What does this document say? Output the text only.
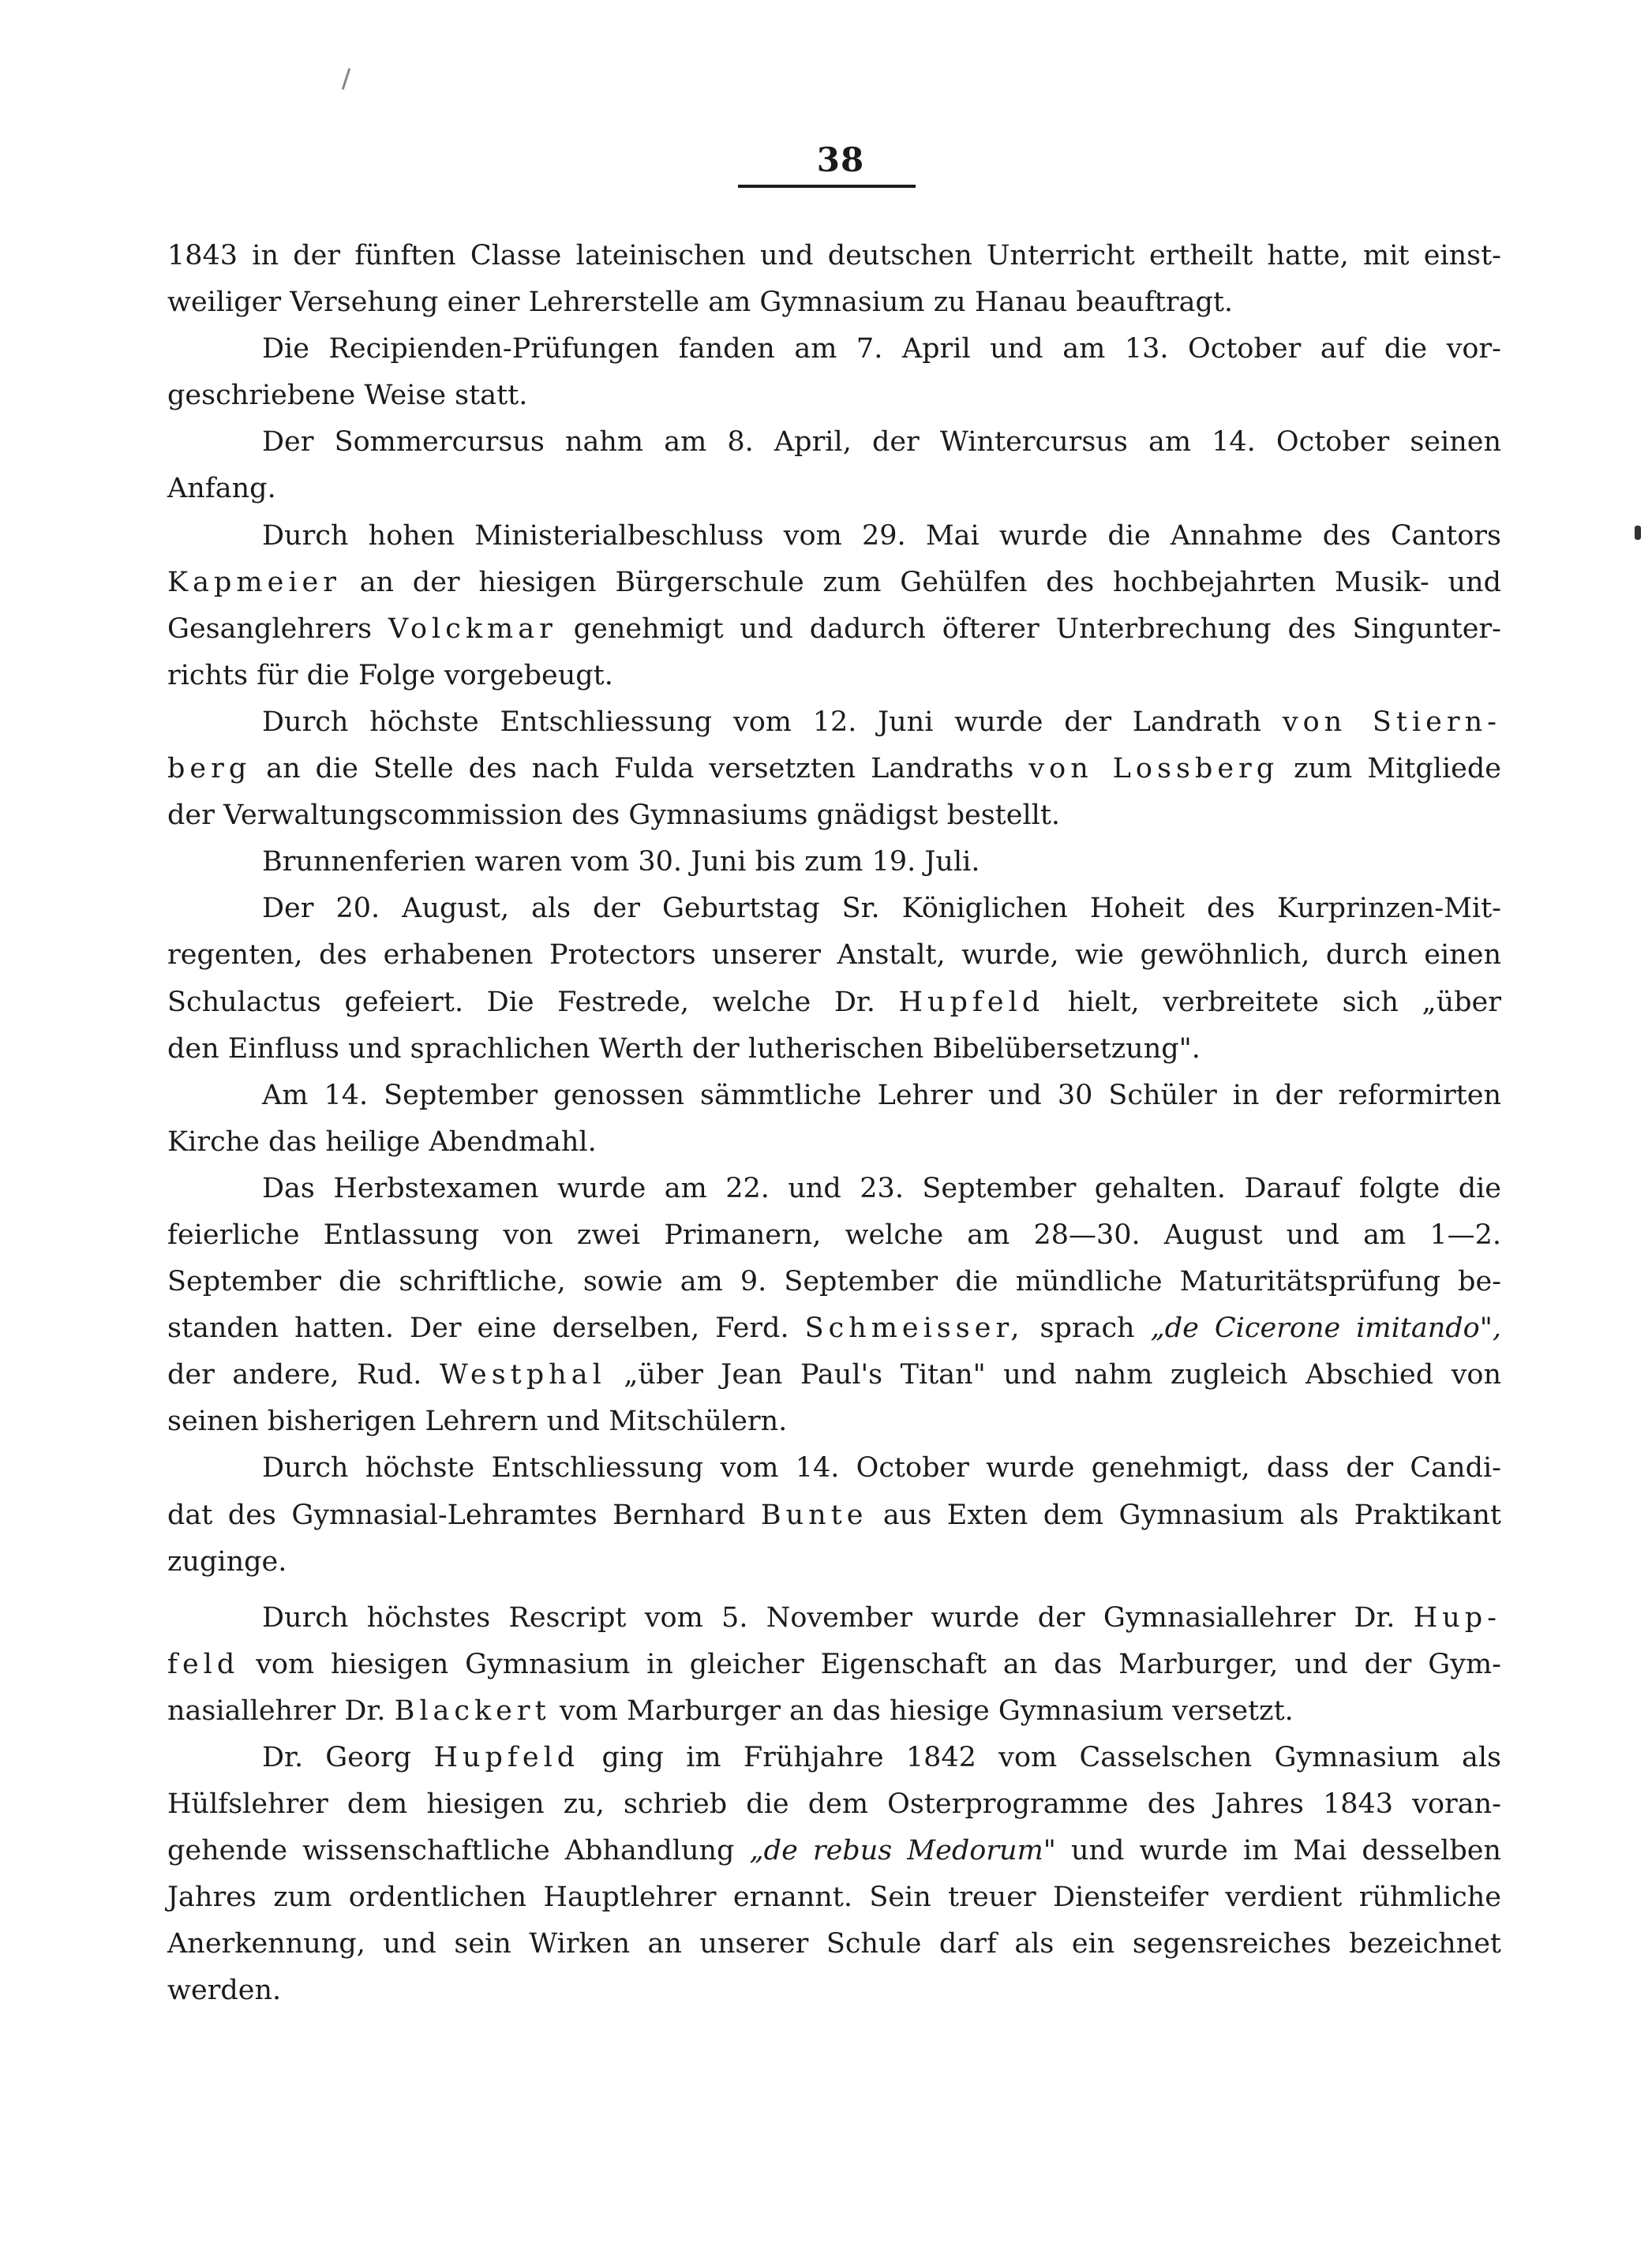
38

1843 in der fünften Classe lateinischen und deutschen Unterricht ertheilt hatte, mit einst-
weiliger Versehung einer Lehrerstelle am Gymnasium zu Hanau beauftragt.

Die Recipienden-Prüfungen fanden am 7. April und am 13. October auf die vor-
geschriebene Weise statt.

Der Sommercursus nahm am 8. April, der Wintercursus am 14. October seinen
Anfang.

Durch hohen Ministerialbeschluss vom 29. Mai wurde die Annahme des Cantors
Kapmeier an der hiesigen Bürgerschule zum Gehülfen des hochbejahrten Musik- und
Gesanglehrers Volckmar genehmigt und dadurch öfterer Unterbrechung des Singunter-
richts für die Folge vorgebeugt.

Durch höchste Entschliessung vom 12. Juni wurde der Landrath von Stiern-
berg an die Stelle des nach Fulda versetzten Landraths von Lossberg zum Mitgliede
der Verwaltungscommission des Gymnasiums gnädigst bestellt.

Brunnenferien waren vom 30. Juni bis zum 19. Juli.

Der 20. August, als der Geburtstag Sr. Königlichen Hoheit des Kurprinzen-Mit-
regenten, des erhabenen Protectors unserer Anstalt, wurde, wie gewöhnlich, durch einen
Schulactus gefeiert. Die Festrede, welche Dr. Hupfeld hielt, verbreitete sich „über
den Einfluss und sprachlichen Werth der lutherischen Bibelübersetzung".

Am 14. September genossen sämmtliche Lehrer und 30 Schüler in der reformirten
Kirche das heilige Abendmahl.

Das Herbstexamen wurde am 22. und 23. September gehalten. Darauf folgte die
feierliche Entlassung von zwei Primanern, welche am 28—30. August und am 1—2.
September die schriftliche, sowie am 9. September die mündliche Maturitätsprüfung be-
standen hatten. Der eine derselben, Ferd. Schmeisser, sprach „de Cicerone imitando",
der andere, Rud. Westphal „über Jean Paul's Titan" und nahm zugleich Abschied von
seinen bisherigen Lehrern und Mitschülern.

Durch höchste Entschliessung vom 14. October wurde genehmigt, dass der Candi-
dat des Gymnasial-Lehramtes Bernhard Bunte aus Exten dem Gymnasium als Praktikant
zuginge.

Durch höchstes Rescript vom 5. November wurde der Gymnasiallehrer Dr. Hup-
feld vom hiesigen Gymnasium in gleicher Eigenschaft an das Marburger, und der Gym-
nasiallehrer Dr. Blackert vom Marburger an das hiesige Gymnasium versetzt.

Dr. Georg Hupfeld ging im Frühjahre 1842 vom Casselschen Gymnasium als
Hülfslehrer dem hiesigen zu, schrieb die dem Osterprogramme des Jahres 1843 voran-
gehende wissenschaftliche Abhandlung „de rebus Medorum" und wurde im Mai desselben
Jahres zum ordentlichen Hauptlehrer ernannt. Sein treuer Diensteifer verdient rühmliche
Anerkennung, und sein Wirken an unserer Schule darf als ein segensreiches bezeichnet
werden.
